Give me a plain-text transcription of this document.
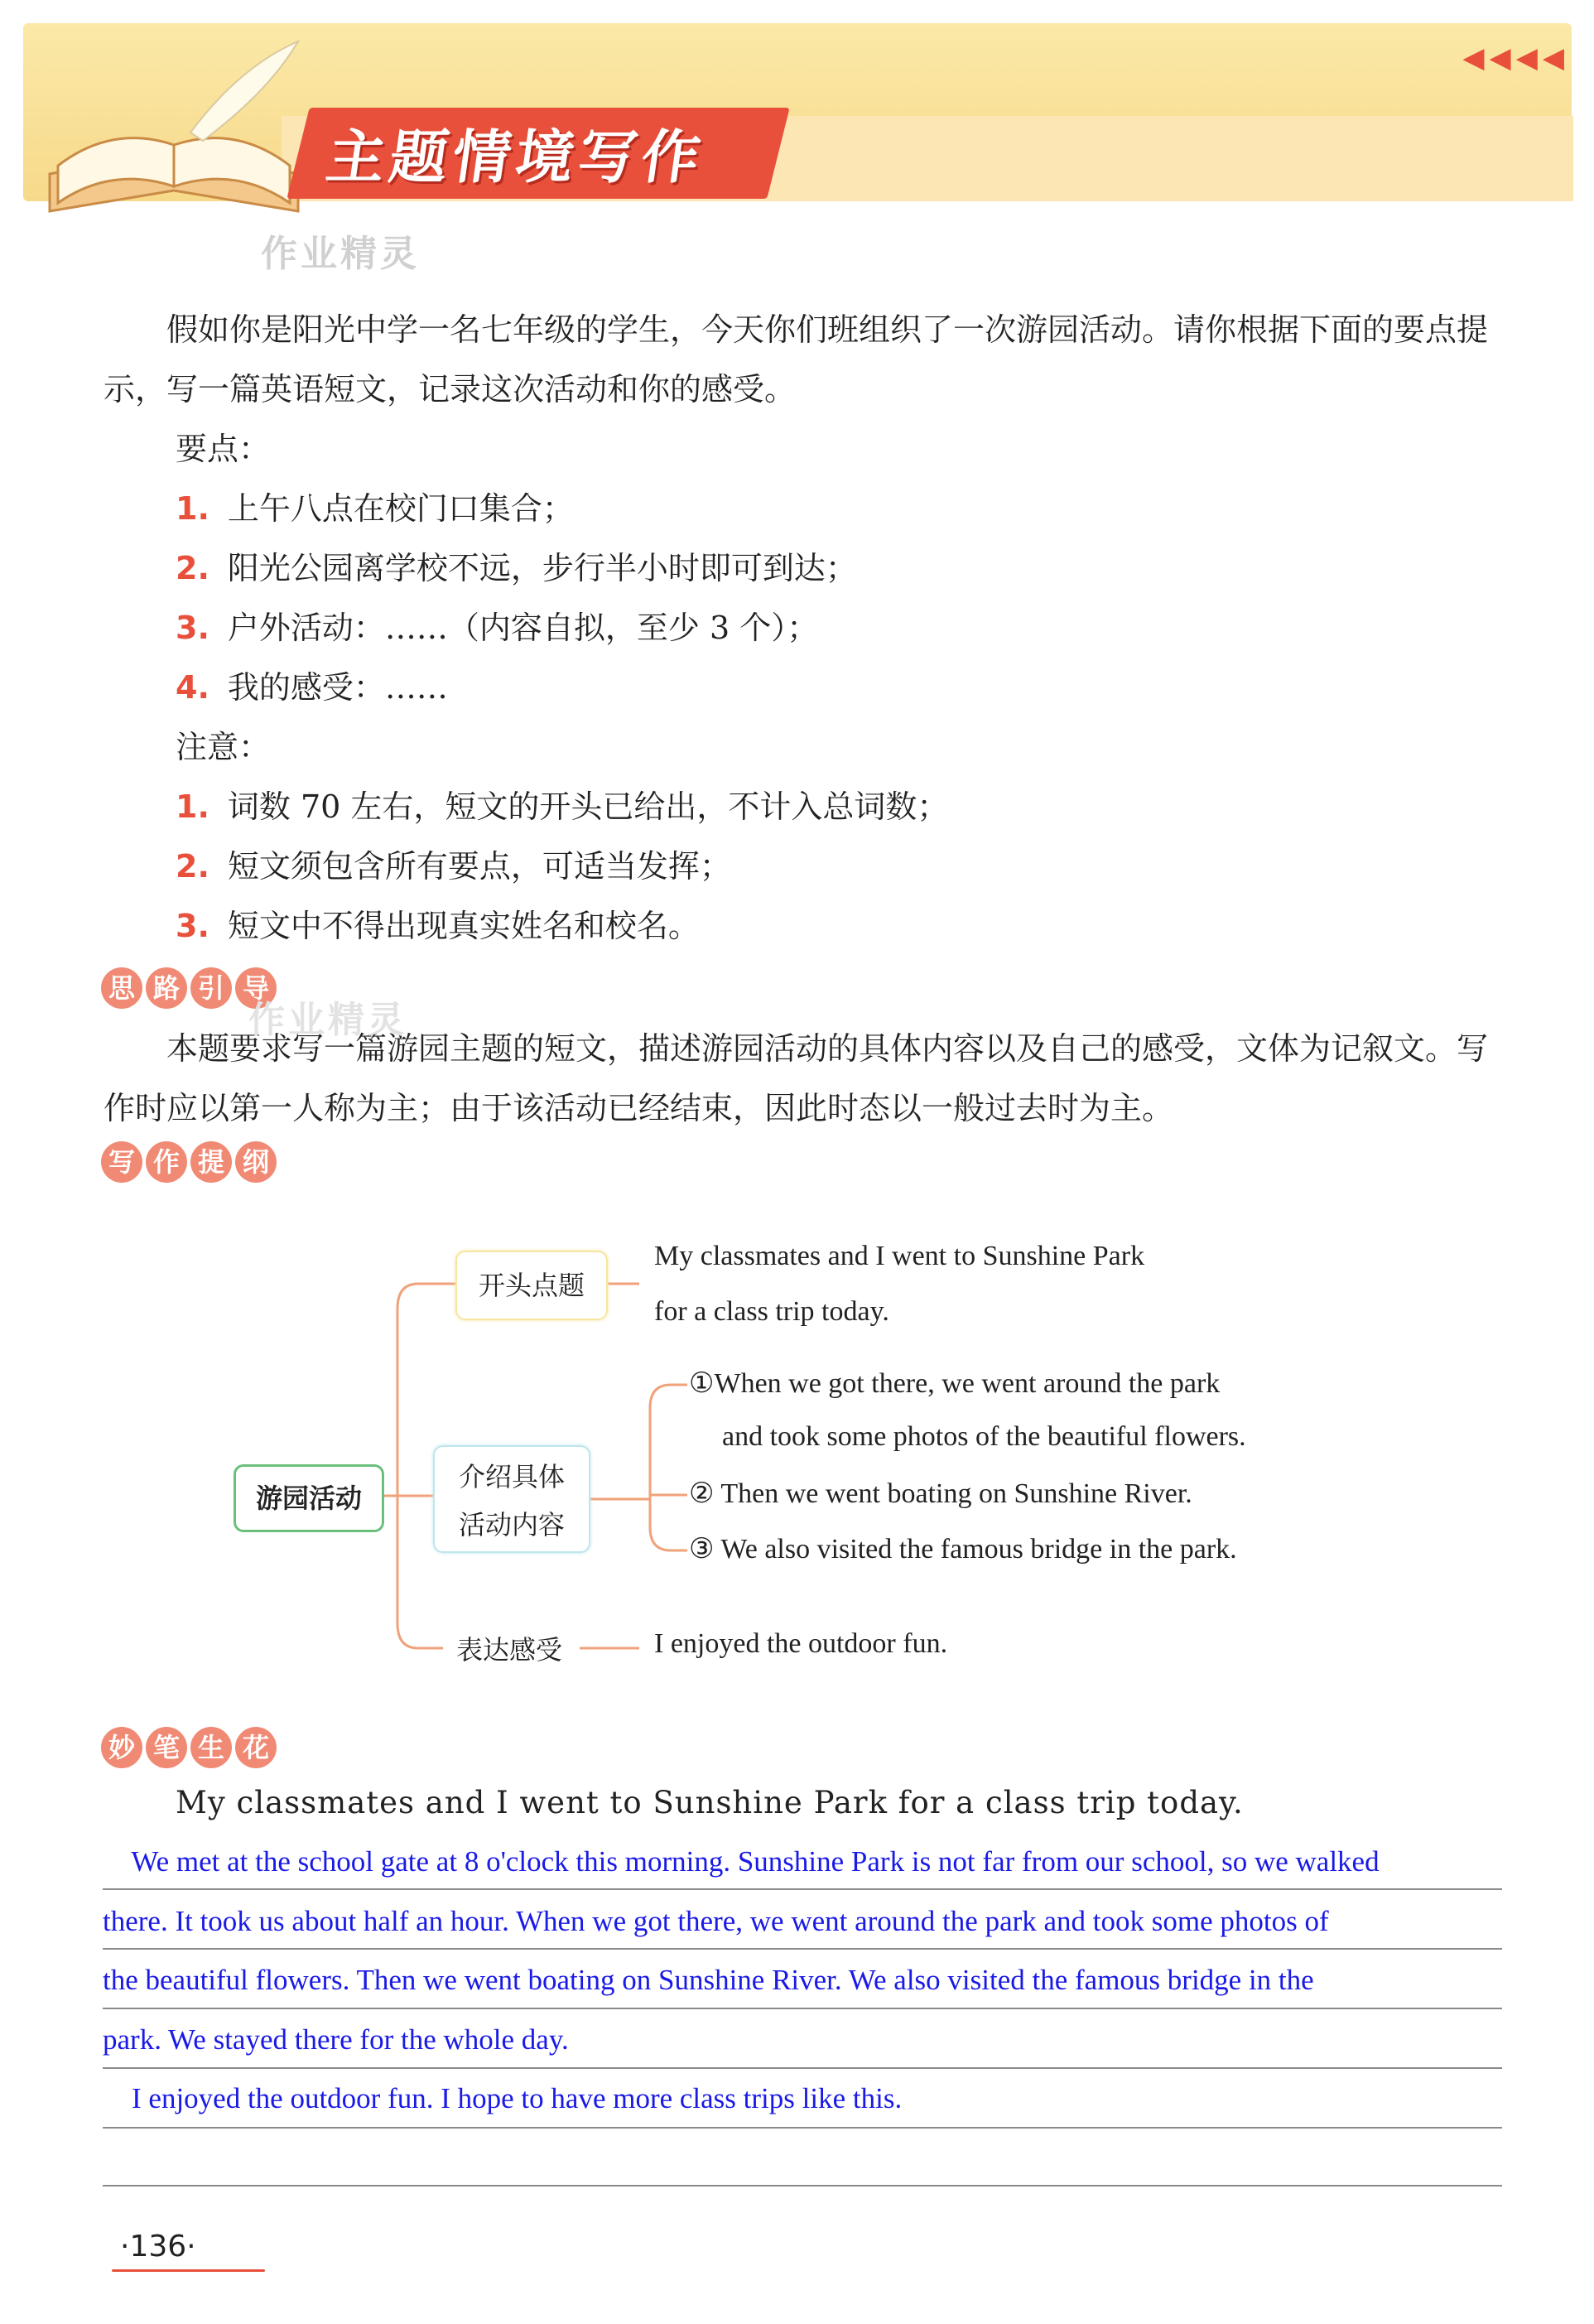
主题情境写作
◀◀◀◀
作业精灵
假如你是阳光中学一名七年级的学生，今天你们班组织了一次游园活动。请你根据下面的要点提示，写一篇英语短文，记录这次活动和你的感受。
要点：
1. 上午八点在校门口集合；
2. 阳光公园离学校不远，步行半小时即可到达；
3. 户外活动：……（内容自拟，至少 3 个）；
4. 我的感受：……
注意：
1. 词数 70 左右，短文的开头已给出，不计入总词数；
2. 短文须包含所有要点，可适当发挥；
3. 短文中不得出现真实姓名和校名。
思 路 引 导
本题要求写一篇游园主题的短文，描述游园活动的具体内容以及自己的感受，文体为记叙文。写作时应以第一人称为主；由于该活动已经结束，因此时态以一般过去时为主。
作业精灵
写 作 提 纲
游园活动
开头点题
介绍具体
活动内容
表达感受
My classmates and I went to Sunshine Park
for a class trip today.
①When we got there, we went around the park
and took some photos of the beautiful flowers.
② Then we went boating on Sunshine River.
③ We also visited the famous bridge in the park.
I enjoyed the outdoor fun.
妙 笔 生 花
My classmates and I went to Sunshine Park for a class trip today.
We met at the school gate at 8 o'clock this morning. Sunshine Park is not far from our school, so we walked
there. It took us about half an hour. When we got there, we went around the park and took some photos of
the beautiful flowers. Then we went boating on Sunshine River. We also visited the famous bridge in the
park. We stayed there for the whole day.
I enjoyed the outdoor fun. I hope to have more class trips like this.
·136·
